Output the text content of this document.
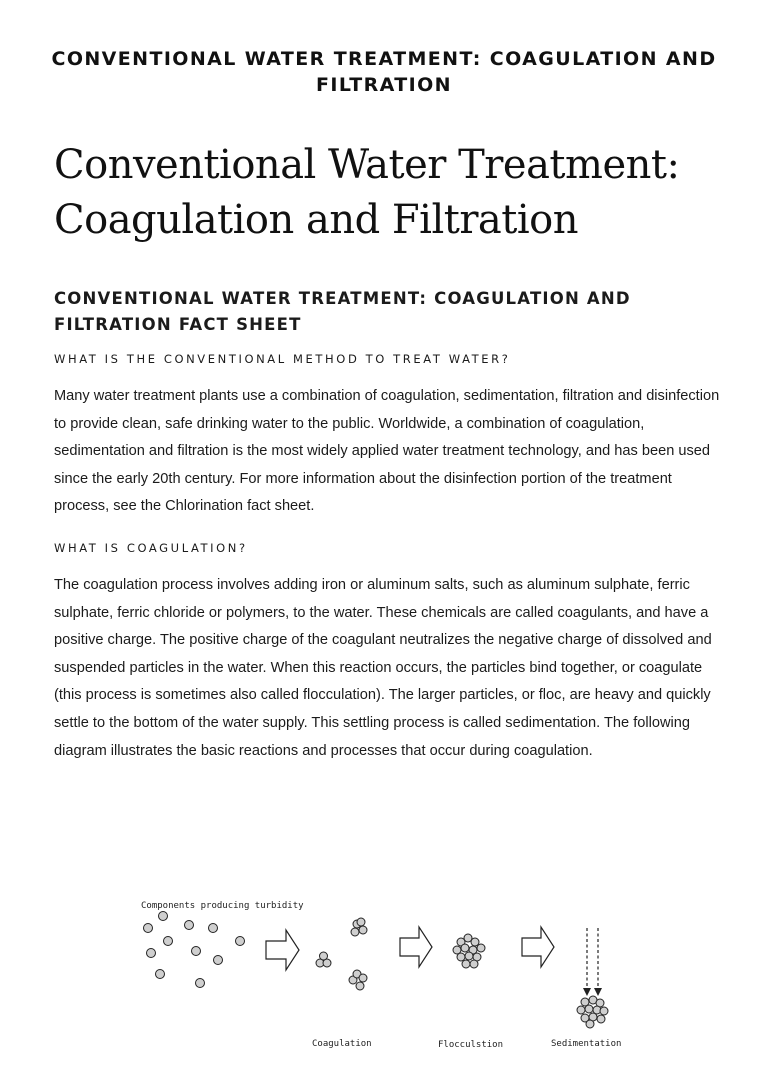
CONVENTIONAL WATER TREATMENT: COAGULATION AND FILTRATION
Conventional Water Treatment:
Coagulation and Filtration
CONVENTIONAL WATER TREATMENT: COAGULATION AND FILTRATION FACT SHEET
WHAT IS THE CONVENTIONAL METHOD TO TREAT WATER?

Many water treatment plants use a combination of coagulation, sedimentation, filtration and disinfection to provide clean, safe drinking water to the public. Worldwide, a combination of coagulation, sedimentation and filtration is the most widely applied water treatment technology, and has been used since the early 20th century. For more information about the disinfection portion of the treatment process, see the Chlorination fact sheet.

WHAT IS COAGULATION?

The coagulation process involves adding iron or aluminum salts, such as aluminum sulphate, ferric sulphate, ferric chloride or polymers, to the water. These chemicals are called coagulants, and have a positive charge. The positive charge of the coagulant neutralizes the negative charge of dissolved and suspended particles in the water. When this reaction occurs, the particles bind together, or coagulate (this process is sometimes also called flocculation). The larger particles, or floc, are heavy and quickly settle to the bottom of the water supply. This settling process is called sedimentation. The following diagram illustrates the basic reactions and processes that occur during coagulation.

Components producing turbidity
Coagulation	Flocculstion	Sedimentation
